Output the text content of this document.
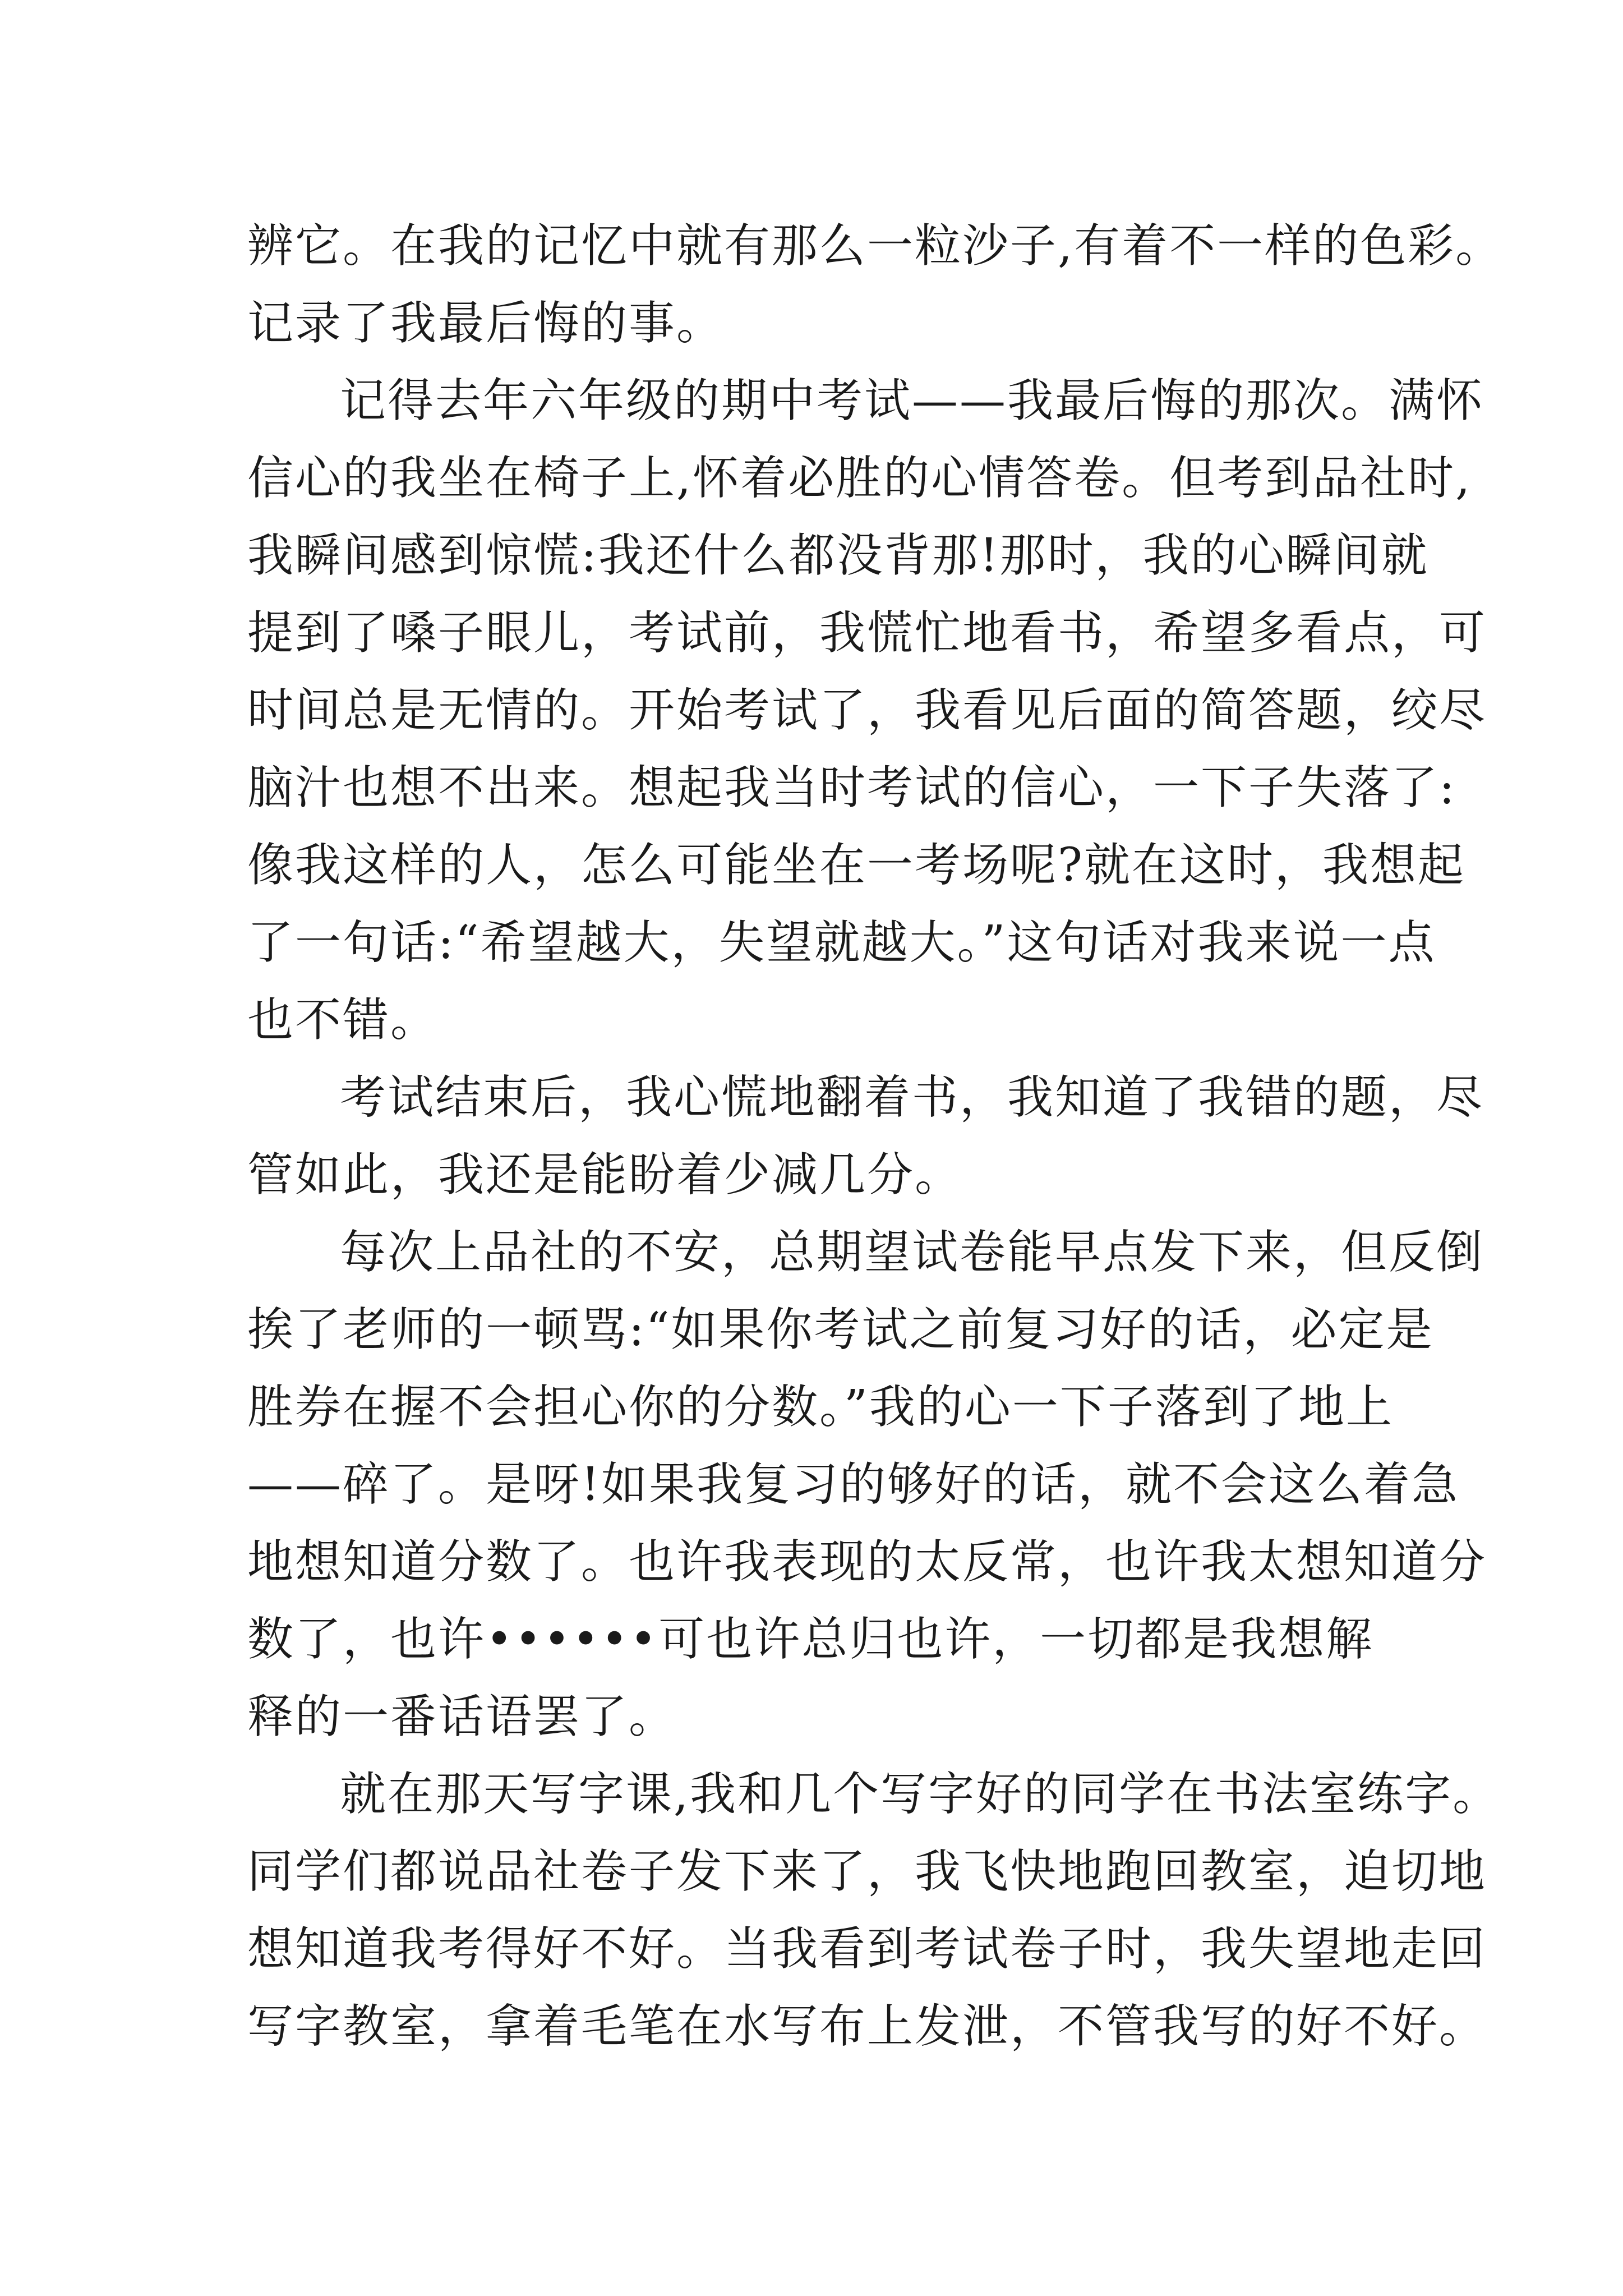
辨它。在我的记忆中就有那么一粒沙子,有着不一样的色彩。
记录了我最后悔的事。
记得去年六年级的期中考试——我最后悔的那次。满怀
信心的我坐在椅子上,怀着必胜的心情答卷。但考到品社时,
我瞬间感到惊慌:我还什么都没背那!那时，我的心瞬间就
提到了嗓子眼儿，考试前，我慌忙地看书，希望多看点，可
时间总是无情的。开始考试了，我看见后面的简答题，绞尽
脑汁也想不出来。想起我当时考试的信心，一下子失落了:
像我这样的人，怎么可能坐在一考场呢?就在这时，我想起
了一句话:“希望越大，失望就越大。”这句话对我来说一点
也不错。
考试结束后，我心慌地翻着书，我知道了我错的题，尽
管如此，我还是能盼着少减几分。
每次上品社的不安，总期望试卷能早点发下来，但反倒
挨了老师的一顿骂:“如果你考试之前复习好的话，必定是
胜券在握不会担心你的分数。”我的心一下子落到了地上
——碎了。是呀!如果我复习的够好的话，就不会这么着急
地想知道分数了。也许我表现的太反常，也许我太想知道分
数了，也许••••••可也许总归也许，一切都是我想解
释的一番话语罢了。
就在那天写字课,我和几个写字好的同学在书法室练字。
同学们都说品社卷子发下来了，我飞快地跑回教室，迫切地
想知道我考得好不好。当我看到考试卷子时，我失望地走回
写字教室，拿着毛笔在水写布上发泄，不管我写的好不好。
